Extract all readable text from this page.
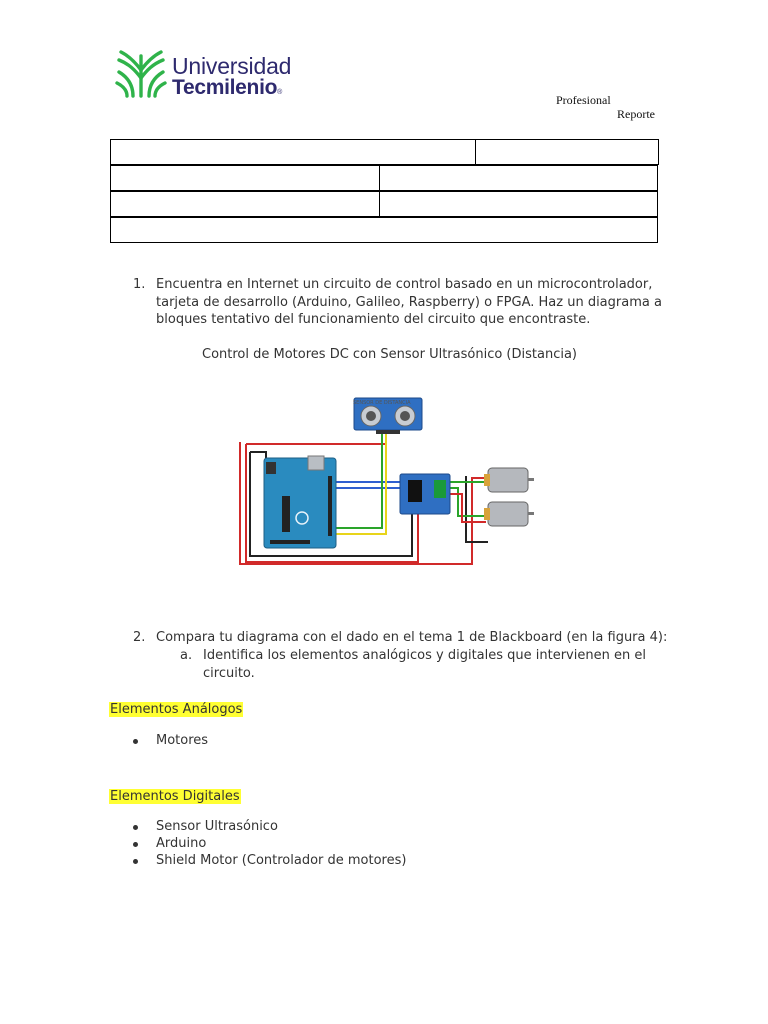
Universidad
Tecmilenio®
Profesional
Reporte

1. Encuentra en Internet un circuito de control basado en un microcontrolador,
tarjeta de desarrollo (Arduino, Galileo, Raspberry) o FPGA. Haz un diagrama a
bloques tentativo del funcionamiento del circuito que encontraste.
Control de Motores DC con Sensor Ultrasónico (Distancia)
SENSOR DE DISTANCIA
2. Compara tu diagrama con el dado en el tema 1 de Blackboard (en la figura 4):
a. Identifica los elementos analógicos y digitales que intervienen en el
circuito.
Elementos Análogos
Motores
Elementos Digitales
Sensor Ultrasónico
Arduino
Shield Motor (Controlador de motores)
